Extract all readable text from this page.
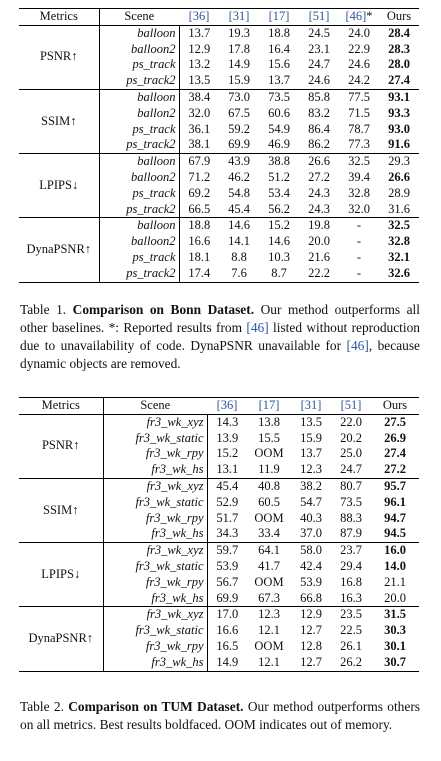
Metrics	Scene	[36]	[31]	[17]	[51]	[46]*	Ours
PSNR↑	balloon	13.7	19.3	18.8	24.5	24.0	28.4
	balloon2	12.9	17.8	16.4	23.1	22.9	28.3
	ps_track	13.2	14.9	15.6	24.7	24.6	28.0
	ps_track2	13.5	15.9	13.7	24.6	24.2	27.4
SSIM↑	balloon	38.4	73.0	73.5	85.8	77.5	93.1
	ballon2	32.0	67.5	60.6	83.2	71.5	93.3
	ps_track	36.1	59.2	54.9	86.4	78.7	93.0
	ps_track2	38.1	69.9	46.9	86.2	77.3	91.6
LPIPS↓	balloon	67.9	43.9	38.8	26.6	32.5	29.3
	balloon2	71.2	46.2	51.2	27.2	39.4	26.6
	ps_track	69.2	54.8	53.4	24.3	32.8	28.9
	ps_track2	66.5	45.4	56.2	24.3	32.0	31.6
DynaPSNR↑	balloon	18.8	14.6	15.2	19.8	-	32.5
	balloon2	16.6	14.1	14.6	20.0	-	32.8
	ps_track	18.1	8.8	10.3	21.6	-	32.1
	ps_track2	17.4	7.6	8.7	22.2	-	32.6
Table 1. Comparison on Bonn Dataset. Our method outperforms all other baselines. *: Reported results from [46] listed without reproduction due to unavailability of code. DynaPSNR unavailable for [46], because dynamic objects are removed.
Metrics	Scene	[36]	[17]	[31]	[51]	Ours
PSNR↑	fr3_wk_xyz	14.3	13.8	13.5	22.0	27.5
	fr3_wk_static	13.9	15.5	15.9	20.2	26.9
	fr3_wk_rpy	15.2	OOM	13.7	25.0	27.4
	fr3_wk_hs	13.1	11.9	12.3	24.7	27.2
SSIM↑	fr3_wk_xyz	45.4	40.8	38.2	80.7	95.7
	fr3_wk_static	52.9	60.5	54.7	73.5	96.1
	fr3_wk_rpy	51.7	OOM	40.3	88.3	94.7
	fr3_wk_hs	34.3	33.4	37.0	87.9	94.5
LPIPS↓	fr3_wk_xyz	59.7	64.1	58.0	23.7	16.0
	fr3_wk_static	53.9	41.7	42.4	29.4	14.0
	fr3_wk_rpy	56.7	OOM	53.9	16.8	21.1
	fr3_wk_hs	69.9	67.3	66.8	16.3	20.0
DynaPSNR↑	fr3_wk_xyz	17.0	12.3	12.9	23.5	31.5
	fr3_wk_static	16.6	12.1	12.7	22.5	30.3
	fr3_wk_rpy	16.5	OOM	12.8	26.1	30.1
	fr3_wk_hs	14.9	12.1	12.7	26.2	30.7
Table 2. Comparison on TUM Dataset. Our method outperforms others on all metrics. Best results boldfaced. OOM indicates out of memory.
